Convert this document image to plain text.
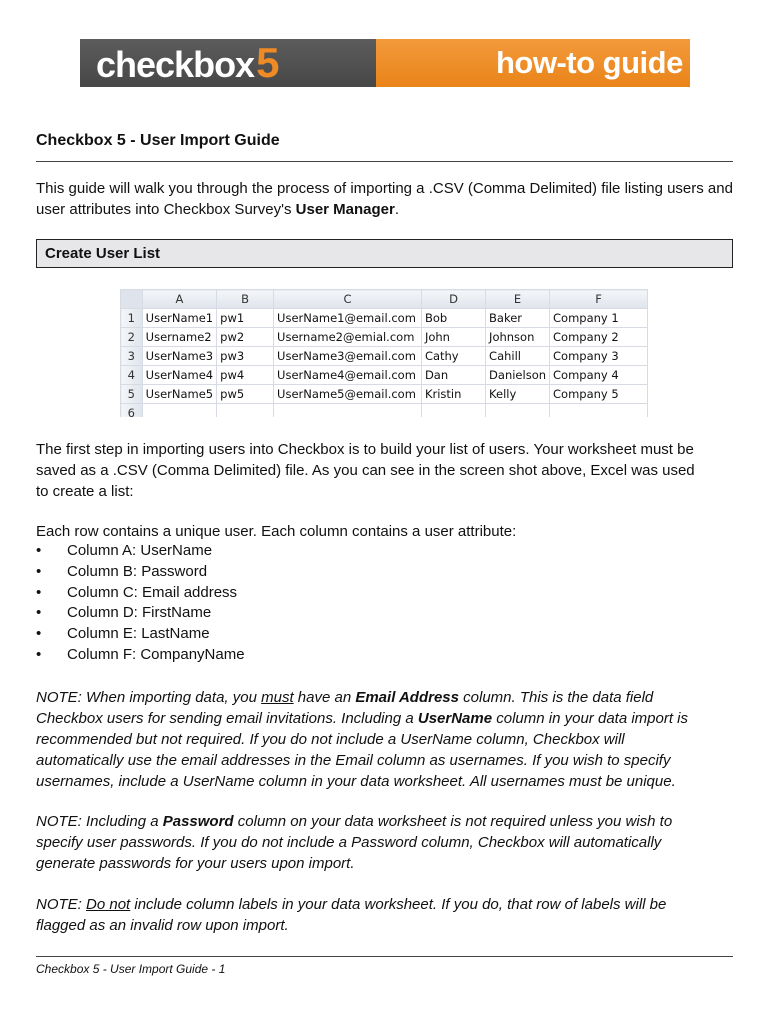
checkbox5	how-to guide
Checkbox 5 - User Import Guide

This guide will walk you through the process of importing a .CSV (Comma Delimited) file listing users and user attributes into Checkbox Survey's User Manager.

Create User List
	A	B	C	D	E	F
1	UserName1	pw1	UserName1@email.com	Bob	Baker	Company 1
2	Username2	pw2	Username2@emial.com	John	Johnson	Company 2
3	UserName3	pw3	UserName3@email.com	Cathy	Cahill	Company 3
4	UserName4	pw4	UserName4@email.com	Dan	Danielson	Company 4
5	UserName5	pw5	UserName5@email.com	Kristin	Kelly	Company 5
6						

The first step in importing users into Checkbox is to build your list of users. Your worksheet must be saved as a .CSV (Comma Delimited) file. As you can see in the screen shot above, Excel was used to create a list:

Each row contains a unique user. Each column contains a user attribute:

• Column A: UserName
• Column B: Password
• Column C: Email address
• Column D: FirstName
• Column E: LastName
• Column F: CompanyName

NOTE: When importing data, you must have an Email Address column. This is the data field Checkbox users for sending email invitations. Including a UserName column in your data import is recommended but not required. If you do not include a UserName column, Checkbox will automatically use the email addresses in the Email column as usernames. If you wish to specify usernames, include a UserName column in your data worksheet. All usernames must be unique.

NOTE: Including a Password column on your data worksheet is not required unless you wish to specify user passwords. If you do not include a Password column, Checkbox will automatically generate passwords for your users upon import.

NOTE: Do not include column labels in your data worksheet. If you do, that row of labels will be flagged as an invalid row upon import.

Checkbox 5 - User Import Guide - 1
